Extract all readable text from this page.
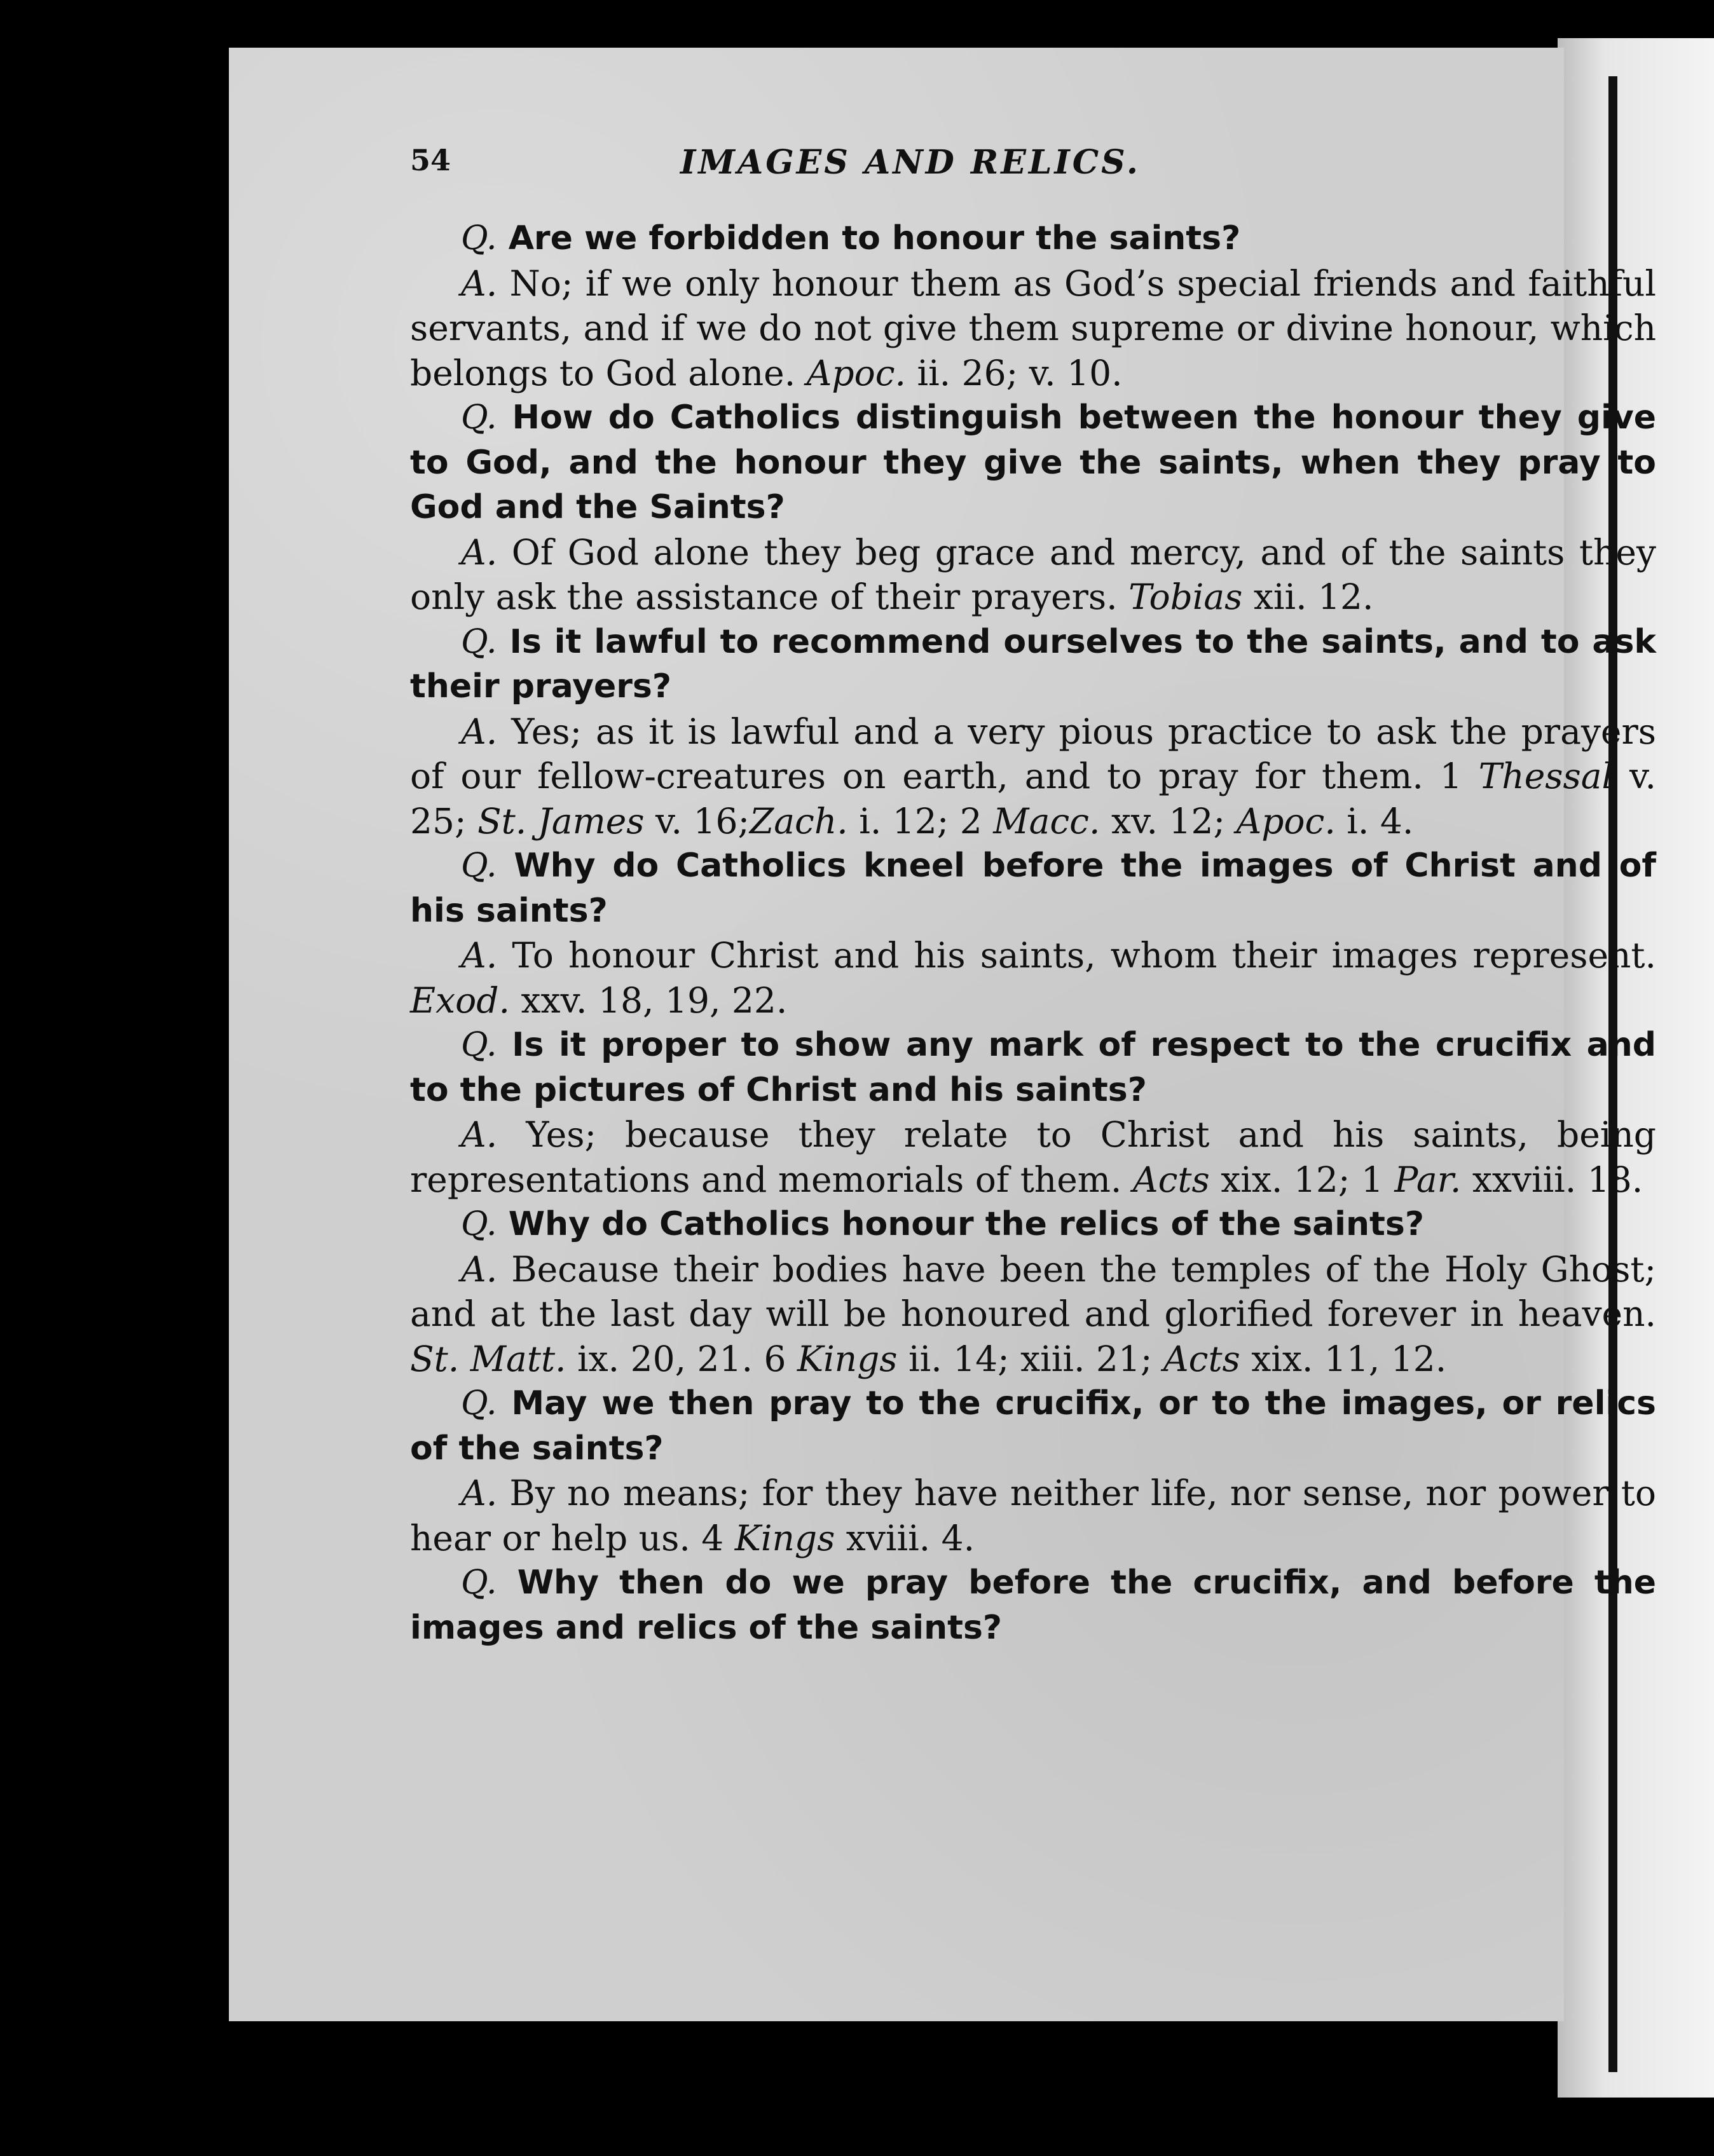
54	IMAGES AND RELICS.

Q. Are we forbidden to honour the saints?

A. No; if we only honour them as God’s special friends and faithful servants, and if we do not give them supreme or divine honour, which belongs to God alone. Apoc. ii. 26; v. 10.

Q. How do Catholics distinguish between the honour they give to God, and the honour they give the saints, when they pray to God and the Saints?

A. Of God alone they beg grace and mercy, and of the saints they only ask the assistance of their prayers. Tobias xii. 12.

Q. Is it lawful to recommend ourselves to the saints, and to ask their prayers?

A. Yes; as it is lawful and a very pious practice to ask the prayers of our fellow-creatures on earth, and to pray for them. 1 Thessal v. 25; St. James v. 16;Zach. i. 12; 2 Macc. xv. 12; Apoc. i. 4.

Q. Why do Catholics kneel before the images of Christ and of his saints?

A. To honour Christ and his saints, whom their images represent. Exod. xxv. 18, 19, 22.

Q. Is it proper to show any mark of respect to the crucifix and to the pictures of Christ and his saints?

A. Yes; because they relate to Christ and his saints, being representations and memorials of them. Acts xix. 12; 1 Par. xxviii. 18.

Q. Why do Catholics honour the relics of the saints?

A. Because their bodies have been the temples of the Holy Ghost; and at the last day will be honoured and glorified forever in heaven. St. Matt. ix. 20, 21. 6 Kings ii. 14; xiii. 21; Acts xix. 11, 12.

Q. May we then pray to the crucifix, or to the images, or relics of the saints?

A. By no means; for they have neither life, nor sense, nor power to hear or help us. 4 Kings xviii. 4.

Q. Why then do we pray before the crucifix, and before the images and relics of the saints?
